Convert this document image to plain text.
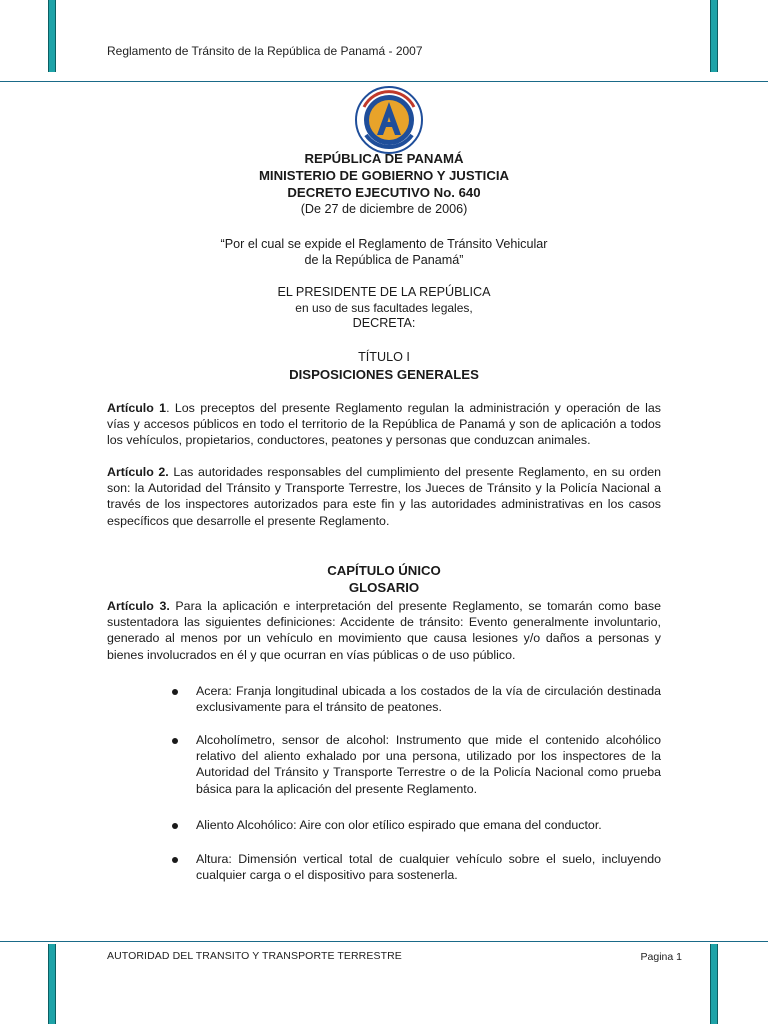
Reglamento de Tránsito de la República de Panamá - 2007
REPÚBLICA DE PANAMÁ
MINISTERIO DE GOBIERNO Y JUSTICIA
DECRETO EJECUTIVO No. 640
(De 27 de diciembre de 2006)
“Por el cual se expide el Reglamento de Tránsito Vehicular
de la República de Panamá”
EL PRESIDENTE DE LA REPÚBLICA
en uso de sus facultades legales,
DECRETA:
TÍTULO I
DISPOSICIONES GENERALES
Artículo 1. Los preceptos del presente Reglamento regulan la administración y operación de las vías y accesos públicos en todo el territorio de la República de Panamá y son de aplicación a todos los vehículos, propietarios, conductores, peatones y personas que conduzcan animales.
Artículo 2. Las autoridades responsables del cumplimiento del presente Reglamento, en su orden son: la Autoridad del Tránsito y Transporte Terrestre, los Jueces de Tránsito y la Policía Nacional a través de los inspectores autorizados para este fin y las autoridades administrativas en los casos específicos que desarrolle el presente Reglamento.
CAPÍTULO ÚNICO
GLOSARIO
Artículo 3. Para la aplicación e interpretación del presente Reglamento, se tomarán como base sustentadora las siguientes definiciones: Accidente de tránsito: Evento generalmente involuntario, generado al menos por un vehículo en movimiento que causa lesiones y/o daños a personas y bienes involucrados en él y que ocurran en vías públicas o de uso público.
Acera: Franja longitudinal ubicada a los costados de la vía de circulación destinada exclusivamente para el tránsito de peatones.
Alcoholímetro, sensor de alcohol: Instrumento que mide el contenido alcohólico relativo del aliento exhalado por una persona, utilizado por los inspectores de la Autoridad del Tránsito y Transporte Terrestre o de la Policía Nacional como prueba básica para la aplicación del presente Reglamento.
Aliento Alcohólico: Aire con olor etílico espirado que emana del conductor.
Altura: Dimensión vertical total de cualquier vehículo sobre el suelo, incluyendo cualquier carga o el dispositivo para sostenerla.
AUTORIDAD DEL TRANSITO Y TRANSPORTE TERRESTRE	Pagina 1
